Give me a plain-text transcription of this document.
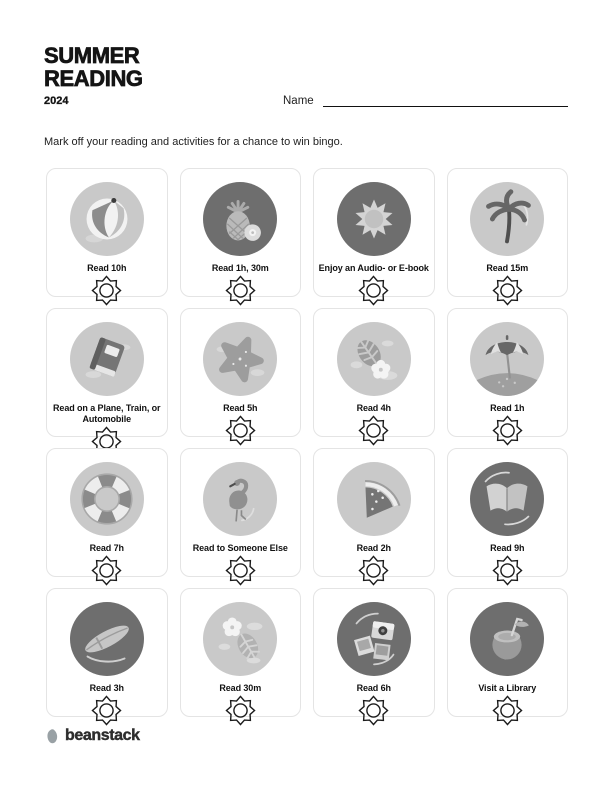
SUMMER
READING
2024	Name
Mark off your reading and activities for a chance to win bingo.
Read 10h	Read 1h, 30m	Enjoy an Audio- or E-book	Read 15m
Read on a Plane, Train, or Automobile
Read 5h	Read 4h	Read 1h
Read 7h	Read to Someone Else	Read 2h	Read 9h
Read 3h	Read 30m	Read 6h	Visit a Library
beanstack
